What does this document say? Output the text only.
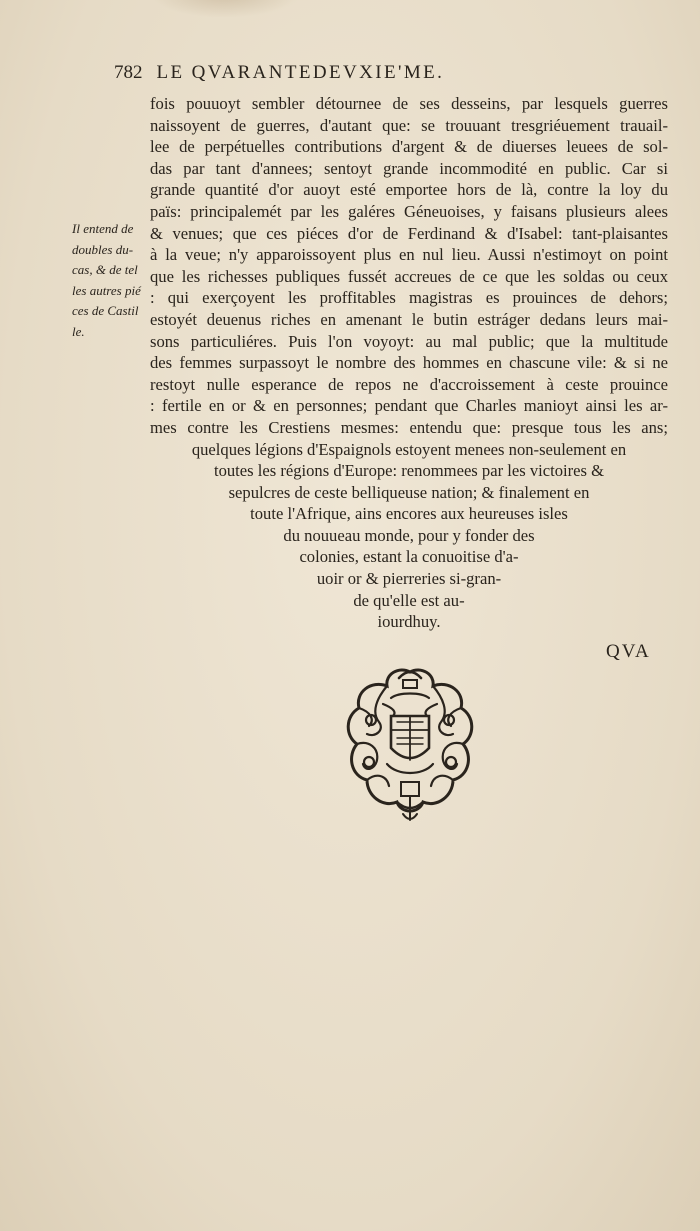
782 LE QVARANTEDEVXIE'ME.
Il entend de
doubles du-
cas, & de tel
les autres pié
ces de Castil
le.
fois pouuoyt sembler détournee de ses desseins, par lesquels guerres
naissoyent de guerres, d'autant que: se trouuant tresgriéuement trauail-
lee de perpétuelles contributions d'argent & de diuerses leuees de sol-
das par tant d'annees; sentoyt grande incommodité en public. Car si
grande quantité d'or auoyt esté emportee hors de là, contre la loy du
païs: principalemét par les galéres Géneuoises, y faisans plusieurs alees
& venues; que ces piéces d'or de Ferdinand & d'Isabel: tant-plaisantes
à la veue; n'y apparoissoyent plus en nul lieu. Aussi n'estimoyt on point
que les richesses publiques fussét accreues de ce que les soldas ou ceux
: qui exerçoyent les proffitables magistras es prouinces de dehors;
estoyét deuenus riches en amenant le butin estráger dedans leurs mai-
sons particuliéres. Puis l'on voyoyt: au mal public; que la multitude
des femmes surpassoyt le nombre des hommes en chascune vile: & si ne
restoyt nulle esperance de repos ne d'accroissement à ceste prouince
: fertile en or & en personnes; pendant que Charles manioyt ainsi les ar-
mes contre les Crestiens mesmes: entendu que: presque tous les ans;
quelques légions d'Espaignols estoyent menees non-seulement en
toutes les régions d'Europe: renommees par les victoires &
sepulcres de ceste belliqueuse nation; & finalement en
toute l'Afrique, ains encores aux heureuses isles
du nouueau monde, pour y fonder des
colonies, estant la conuoitise d'a-
uoir or & pierreries si-gran-
de qu'elle est au-
iourdhuy.
QVA
